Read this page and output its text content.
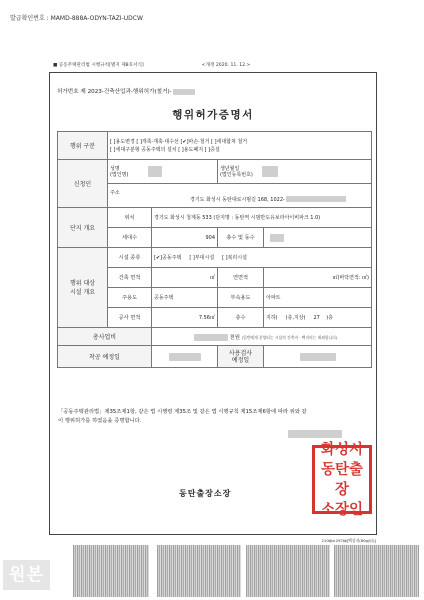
발급확인번호 : MAMD-888A-ODYN-TAZI-UDCW
■ 공동주택관리법 시행규칙[별지 제8호서식]	<개정 2020. 11. 12.>
허가번호 제 2023-건축산업과-행위허가(철거)-
행위허가증명서
행위 구분	[ ]용도변경 [ ]개축·재축·대수선 [✔]파손·철거 [ ]세대합쳐 철거
[ ]세대구분형 공동주택의 설치 [ ]용도폐지 [ ]증설			

신청인	성명
(법인명)		생년월일
(법인등록번호)	

	주소
경기도 화성시 동탄대로시범길 168, 1022-			

단지 개요	위치	경기도 화성시 청계동 533 (단지명 : 동탄역 시범반도유보라아이비파크 1.0)		
	세대수	904	총수 및 동수	
행위 대상
시설 개요	시설 종류	[✔]공동주택     [ ]부대시설     [ ]복리시설		
	건축 면적	㎡	연면적	㎡(바닥면적: ㎡)
	주용도	공동주택	부속용도	아파트
	공사 면적	7.56㎡	층수	지하(     )층,지상(     27    )층
총사업비		천원 (일반에게 분양되는 시설의 건축비 · 택지비는 제외합니다)		
착공 예정일			사용검사
예정일	
「공동주택관리법」제35조제1항, 같은 법 시행령 제35조 및 같은 법 시행규칙 제15조제6항에 따라 위와 같이 행위허가를 하였음을 증명합니다.
동탄출장소장
화성시
동탄출장
소장인
210㎜×297㎜[백상지(80g/㎡)]
원본
